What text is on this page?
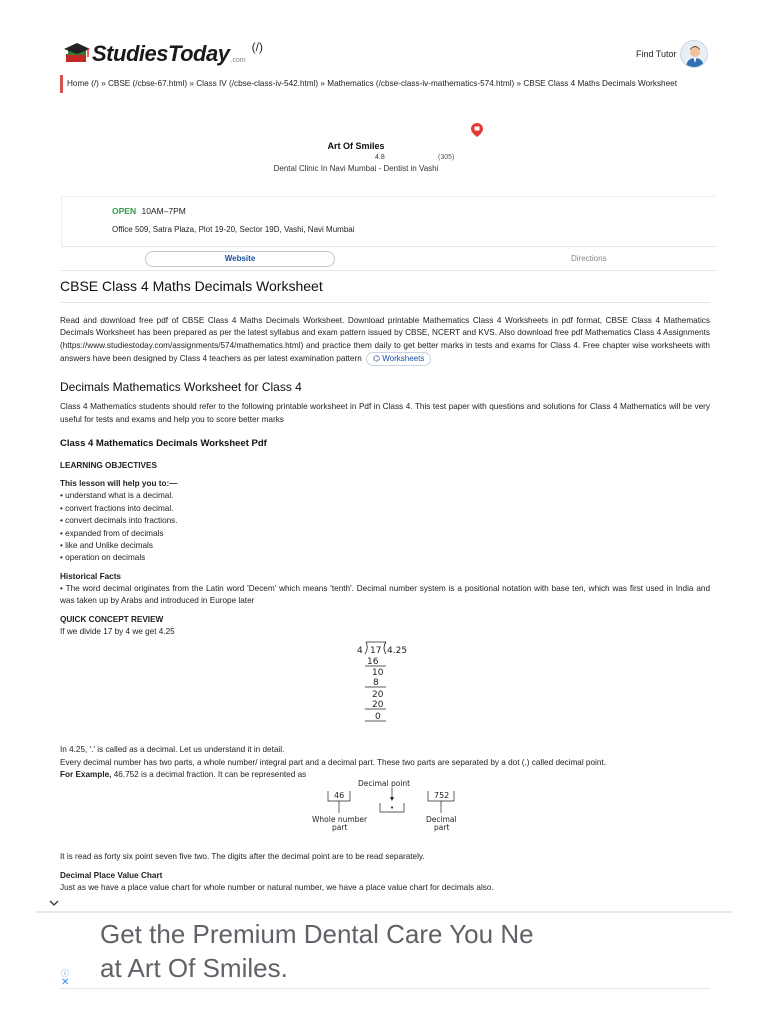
StudiesToday .com
(/)	Find Tutor
Home (/) » CBSE (/cbse-67.html) » Class IV (/cbse-class-iv-542.html) » Mathematics (/cbse-class-iv-mathematics-574.html) » CBSE Class 4 Maths Decimals Worksheet
Art Of Smiles
4.8	(305)
Dental Clinic In Navi Mumbai - Dentist in Vashi
OPEN 10AM–7PM
Office 509, Satra Plaza, Plot 19-20, Sector 19D, Vashi, Navi Mumbai
Website	Directions
CBSE Class 4 Maths Decimals Worksheet

Read and download free pdf of CBSE Class 4 Maths Decimals Worksheet. Download printable Mathematics Class 4 Worksheets in pdf format, CBSE Class 4 Mathematics Decimals Worksheet has been prepared as per the latest syllabus and exam pattern issued by CBSE, NCERT and KVS. Also download free pdf Mathematics Class 4 Assignments (https://www.studiestoday.com/assignments/574/mathematics.html) and practice them daily to get better marks in tests and exams for Class 4. Free chapter wise worksheets with answers have been designed by Class 4 teachers as per latest examination pattern ⌬ Worksheets

Decimals Mathematics Worksheet for Class 4

Class 4 Mathematics students should refer to the following printable worksheet in Pdf in Class 4. This test paper with questions and solutions for Class 4 Mathematics will be very useful for tests and exams and help you to score better marks

Class 4 Mathematics Decimals Worksheet Pdf
LEARNING OBJECTIVES
This lesson will help you to:—
• understand what is a decimal.
• convert fractions into decimal.
• convert decimals into fractions.
• expanded from of decimals
• like and Unlike decimals
• operation on decimals
Historical Facts

• The word decimal originates from the Latin word 'Decem' which means 'tenth'. Decimal number system is a positional notation with base ten, which was first used in India and was taken up by Arabs and introduced in Europe later

QUICK CONCEPT REVIEW

If we divide 17 by 4 we get 4.25

4 17 4.25
16
10
8
20
20
0

In 4.25, '.' is called as a decimal. Let us understand it in detail.

Every decimal number has two parts, a whole number/ integral part and a decimal part. These two parts are separated by a dot (.) called decimal point.

For Example, 46.752 is a decimal fraction. It can be represented as

Decimal point
46
•
752
Whole number
part
Decimal
part

It is read as forty six point seven five two. The digits after the decimal point are to be read separately.

Decimal Place Value Chart

Just as we have a place value chart for whole number or natural number, we have a place value chart for decimals also.

Get the Premium Dental Care You Ne
at Art Of Smiles.
ⓘ
✕
